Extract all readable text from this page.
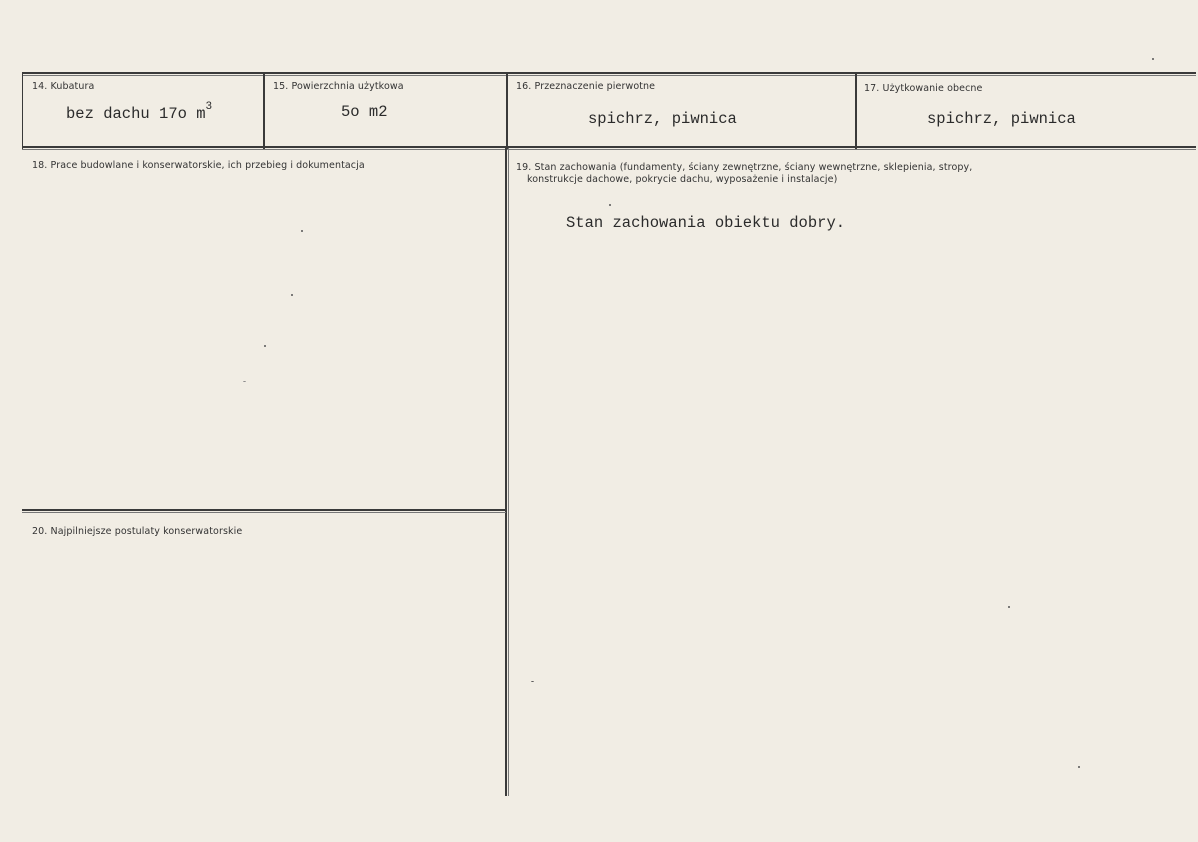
14. Kubatura
bez dachu 17o $m^3$
15. Powierzchnia użytkowa
5o m2
16. Przeznaczenie pierwotne
spichrz, piwnica
17. Użytkowanie obecne
spichrz, piwnica
18. Prace budowlane i konserwatorskie, ich przebieg i dokumentacja	19. Stan zachowania (fundamenty, ściany zewnętrzne, ściany wewnętrzne, sklepienia, stropy,
konstrukcje dachowe, pokrycie dachu, wyposażenie i instalacje)
Stan zachowania obiektu dobry.
20. Najpilniejsze postulaty konserwatorskie
